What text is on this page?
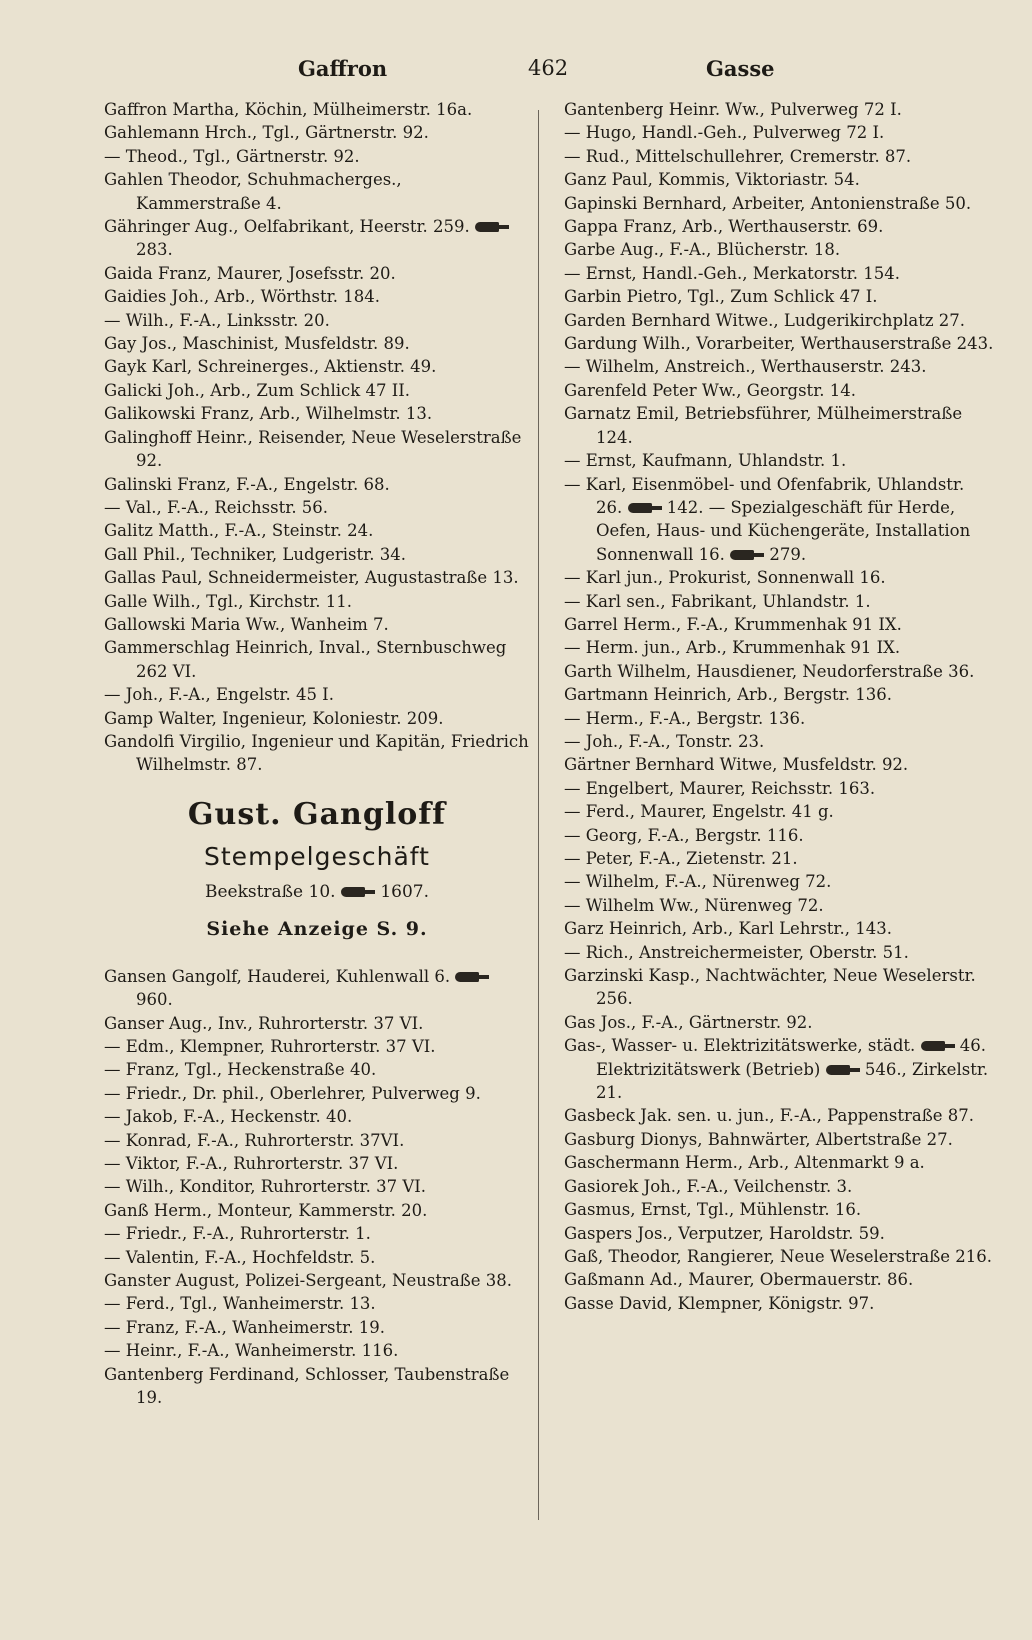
Gaffron	462	Gasse
Gaffron Martha, Köchin, Mülheimerstr. 16a.
Gahlemann Hrch., Tgl., Gärtnerstr. 92.
— Theod., Tgl., Gärtnerstr. 92.
Gahlen Theodor, Schuhmacherges., Kammerstraße 4.
Gähringer Aug., Oelfabrikant, Heerstr. 259.  283.
Gaida Franz, Maurer, Josefsstr. 20.
Gaidies Joh., Arb., Wörthstr. 184.
— Wilh., F.-A., Linksstr. 20.
Gay Jos., Maschinist, Musfeldstr. 89.
Gayk Karl, Schreinerges., Aktienstr. 49.
Galicki Joh., Arb., Zum Schlick 47 II.
Galikowski Franz, Arb., Wilhelmstr. 13.
Galinghoff Heinr., Reisender, Neue Weselerstraße 92.
Galinski Franz, F.-A., Engelstr. 68.
— Val., F.-A., Reichsstr. 56.
Galitz Matth., F.-A., Steinstr. 24.
Gall Phil., Techniker, Ludgeristr. 34.
Gallas Paul, Schneidermeister, Augustastraße 13.
Galle Wilh., Tgl., Kirchstr. 11.
Gallowski Maria Ww., Wanheim 7.
Gammerschlag Heinrich, Inval., Sternbuschweg 262 VI.
— Joh., F.-A., Engelstr. 45 I.
Gamp Walter, Ingenieur, Koloniestr. 209.
Gandolfi Virgilio, Ingenieur und Kapitän, Friedrich Wilhelmstr. 87.
Gust. Gangloff
Stempelgeschäft
Beekstraße 10.	1607.
Siehe Anzeige S. 9.
Gansen Gangolf, Hauderei, Kuhlenwall 6.  960.
Ganser Aug., Inv., Ruhrorterstr. 37 VI.
— Edm., Klempner, Ruhrorterstr. 37 VI.
— Franz, Tgl., Heckenstraße 40.
— Friedr., Dr. phil., Oberlehrer, Pulverweg 9.
— Jakob, F.-A., Heckenstr. 40.
— Konrad, F.-A., Ruhrorterstr. 37VI.
— Viktor, F.-A., Ruhrorterstr. 37 VI.
— Wilh., Konditor, Ruhrorterstr. 37 VI.
Ganß Herm., Monteur, Kammerstr. 20.
— Friedr., F.-A., Ruhrorterstr. 1.
— Valentin, F.-A., Hochfeldstr. 5.
Ganster August, Polizei-Sergeant, Neustraße 38.
— Ferd., Tgl., Wanheimerstr. 13.
— Franz, F.-A., Wanheimerstr. 19.
— Heinr., F.-A., Wanheimerstr. 116.
Gantenberg Ferdinand, Schlosser, Taubenstraße 19.
Gantenberg Heinr. Ww., Pulverweg 72 I.
— Hugo, Handl.-Geh., Pulverweg 72 I.
— Rud., Mittelschullehrer, Cremerstr. 87.
Ganz Paul, Kommis, Viktoriastr. 54.
Gapinski Bernhard, Arbeiter, Antonienstraße 50.
Gappa Franz, Arb., Werthauserstr. 69.
Garbe Aug., F.-A., Blücherstr. 18.
— Ernst, Handl.-Geh., Merkatorstr. 154.
Garbin Pietro, Tgl., Zum Schlick 47 I.
Garden Bernhard Witwe., Ludgerikirchplatz 27.
Gardung Wilh., Vorarbeiter, Werthauserstraße 243.
— Wilhelm, Anstreich., Werthauserstr. 243.
Garenfeld Peter Ww., Georgstr. 14.
Garnatz Emil, Betriebsführer, Mülheimerstraße 124.
— Ernst, Kaufmann, Uhlandstr. 1.
— Karl, Eisenmöbel- und Ofenfabrik, Uhlandstr. 26.  142. — Spezialgeschäft für Herde, Oefen, Haus- und Küchengeräte, Installation Sonnenwall 16.  279.
— Karl jun., Prokurist, Sonnenwall 16.
— Karl sen., Fabrikant, Uhlandstr. 1.
Garrel Herm., F.-A., Krummenhak 91 IX.
— Herm. jun., Arb., Krummenhak 91 IX.
Garth Wilhelm, Hausdiener, Neudorferstraße 36.
Gartmann Heinrich, Arb., Bergstr. 136.
— Herm., F.-A., Bergstr. 136.
— Joh., F.-A., Tonstr. 23.
Gärtner Bernhard Witwe, Musfeldstr. 92.
— Engelbert, Maurer, Reichsstr. 163.
— Ferd., Maurer, Engelstr. 41 g.
— Georg, F.-A., Bergstr. 116.
— Peter, F.-A., Zietenstr. 21.
— Wilhelm, F.-A., Nürenweg 72.
— Wilhelm Ww., Nürenweg 72.
Garz Heinrich, Arb., Karl Lehrstr., 143.
— Rich., Anstreichermeister, Oberstr. 51.
Garzinski Kasp., Nachtwächter, Neue Weselerstr. 256.
Gas Jos., F.-A., Gärtnerstr. 92.
Gas-, Wasser- u. Elektrizitätswerke, städt.  46. Elektrizitätswerk (Betrieb)  546., Zirkelstr. 21.
Gasbeck Jak. sen. u. jun., F.-A., Pappenstraße 87.
Gasburg Dionys, Bahnwärter, Albertstraße 27.
Gaschermann Herm., Arb., Altenmarkt 9 a.
Gasiorek Joh., F.-A., Veilchenstr. 3.
Gasmus, Ernst, Tgl., Mühlenstr. 16.
Gaspers Jos., Verputzer, Haroldstr. 59.
Gaß, Theodor, Rangierer, Neue Weselerstraße 216.
Gaßmann Ad., Maurer, Obermauerstr. 86.
Gasse David, Klempner, Königstr. 97.
